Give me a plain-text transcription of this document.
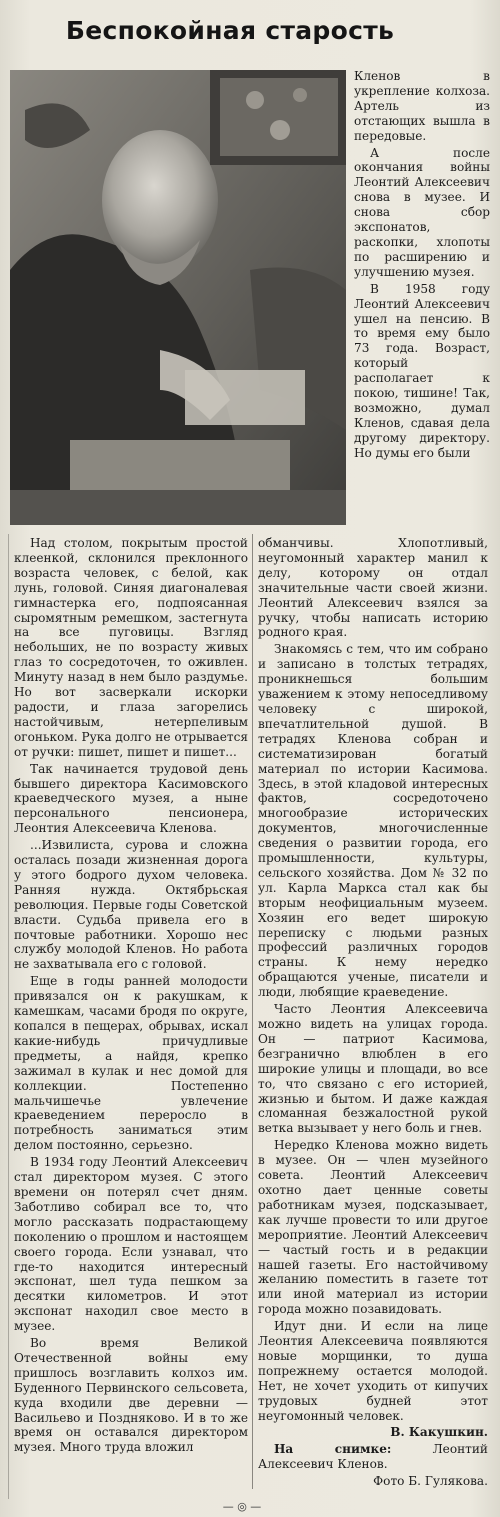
Беспокойная старость

Кленов в укрепление колхоза. Артель из отстающих вышла в передовые.

А после окончания войны Леонтий Алексеевич снова в музее. И снова сбор экспонатов, раскопки, хлопоты по расширению и улучшению музея.

В 1958 году Леонтий Алексеевич ушел на пенсию. В то время ему было 73 года. Возраст, который располагает к покою, тишине! Так, возможно, думал Кленов, сдавая дела другому директору. Но думы его были

Над столом, покрытым простой клеенкой, склонился преклонного возраста человек, с белой, как лунь, головой. Синяя диагоналевая гимнастерка его, подпоясанная сыромятным ремешком, застегнута на все пуговицы. Взгляд небольших, не по возрасту живых глаз то сосредоточен, то оживлен. Минуту назад в нем было раздумье. Но вот засверкали искорки радости, и глаза загорелись настойчивым, нетерпеливым огоньком. Рука долго не отрывается от ручки: пишет, пишет и пишет...

Так начинается трудовой день бывшего директора Касимовского краеведческого музея, а ныне персонального пенсионера, Леонтия Алексеевича Кленова.

...Извилиста, сурова и сложна осталась позади жизненная дорога у этого бодрого духом человека. Ранняя нужда. Октябрьская революция. Первые годы Советской власти. Судьба привела его в почтовые работники. Хорошо нес службу молодой Кленов. Но работа не захватывала его с головой.

Еще в годы ранней молодости привязался он к ракушкам, к камешкам, часами бродя по округе, копался в пещерах, обрывах, искал какие-нибудь причудливые предметы, а найдя, крепко зажимал в кулак и нес домой для коллекции. Постепенно мальчишечье увлечение краеведением переросло в потребность заниматься этим делом постоянно, серьезно.

В 1934 году Леонтий Алексеевич стал директором музея. С этого времени он потерял счет дням. Заботливо собирал все то, что могло рассказать подрастающему поколению о прошлом и настоящем своего города. Если узнавал, что где-то находится интересный экспонат, шел туда пешком за десятки километров. И этот экспонат находил свое место в музее.

Во время Великой Отечественной войны ему пришлось возглавить колхоз им. Буденного Первинского сельсовета, куда входили две деревни — Васильево и Поздняково. И в то же время он оставался директором музея. Много труда вложил

обманчивы. Хлопотливый, неугомонный характер манил к делу, которому он отдал значительные части своей жизни. Леонтий Алексеевич взялся за ручку, чтобы написать историю родного края.

Знакомясь с тем, что им собрано и записано в толстых тетрадях, проникнешься большим уважением к этому непоседливому человеку с широкой, впечатлительной душой. В тетрадях Кленова собран и систематизирован богатый материал по истории Касимова. Здесь, в этой кладовой интересных фактов, сосредоточено многообразие исторических документов, многочисленные сведения о развитии города, его промышленности, культуры, сельского хозяйства. Дом № 32 по ул. Карла Маркса стал как бы вторым неофициальным музеем. Хозяин его ведет широкую переписку с людьми разных профессий различных городов страны. К нему нередко обращаются ученые, писатели и люди, любящие краеведение.

Часто Леонтия Алексеевича можно видеть на улицах города. Он — патриот Касимова, безгранично влюблен в его широкие улицы и площади, во все то, что связано с его историей, жизнью и бытом. И даже каждая сломанная безжалостной рукой ветка вызывает у него боль и гнев.

Нередко Кленова можно видеть в музее. Он — член музейного совета. Леонтий Алексеевич охотно дает ценные советы работникам музея, подсказывает, как лучше провести то или другое мероприятие. Леонтий Алексеевич — частый гость и в редакции нашей газеты. Его настойчивому желанию поместить в газете тот или иной материал из истории города можно позавидовать.

Идут дни. И если на лице Леонтия Алексеевича появляются новые морщинки, то душа попрежнему остается молодой. Нет, не хочет уходить от кипучих трудовых будней этот неугомонный человек.

В. Какушкин.

На снимке:	Леонтий Алексеевич Кленов.

Фото Б. Гулякова.

— ◎ —
